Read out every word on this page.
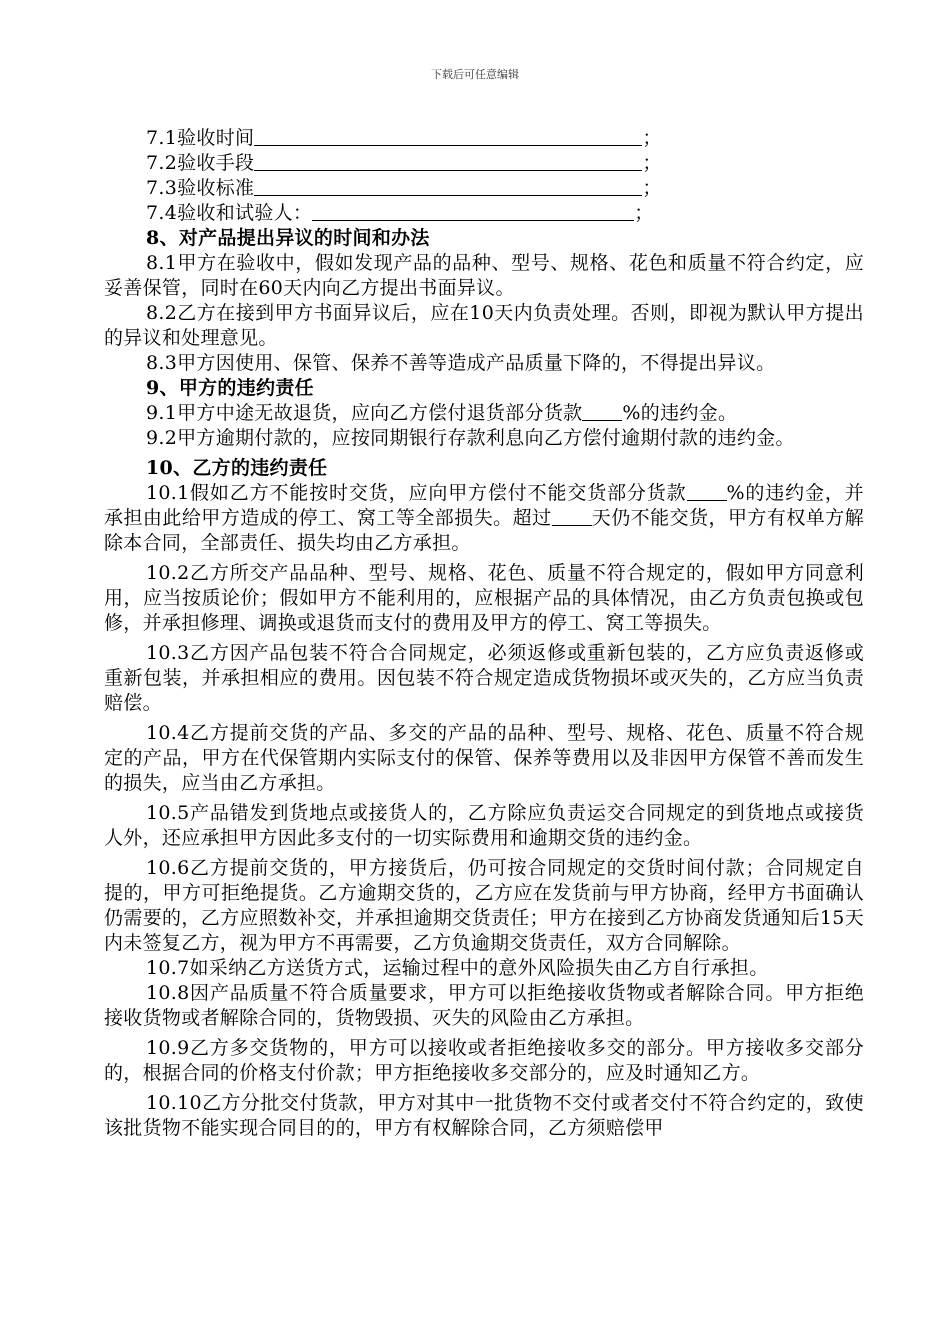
下载后可任意编辑
7.1验收时间	；
7.2验收手段	；
7.3验收标准	；
7.4验收和试验人：	；
8、对产品提出异议的时间和办法

8.1甲方在验收中，假如发现产品的品种、型号、规格、花色和质量不符合约定，应妥善保管，同时在60天内向乙方提出书面异议。

8.2乙方在接到甲方书面异议后，应在10天内负责处理。否则，即视为默认甲方提出的异议和处理意见。

8.3甲方因使用、保管、保养不善等造成产品质量下降的，不得提出异议。

9、甲方的违约责任

9.1甲方中途无故退货，应向乙方偿付退货部分货款 %的违约金。

9.2甲方逾期付款的，应按同期银行存款利息向乙方偿付逾期付款的违约金。

10、乙方的违约责任

10.1假如乙方不能按时交货，应向甲方偿付不能交货部分货款 %的违约金，并承担由此给甲方造成的停工、窝工等全部损失。超过 天仍不能交货，甲方有权单方解除本合同，全部责任、损失均由乙方承担。

10.2乙方所交产品品种、型号、规格、花色、质量不符合规定的，假如甲方同意利用，应当按质论价；假如甲方不能利用的，应根据产品的具体情况，由乙方负责包换或包修，并承担修理、调换或退货而支付的费用及甲方的停工、窝工等损失。

10.3乙方因产品包装不符合合同规定，必须返修或重新包装的，乙方应负责返修或重新包装，并承担相应的费用。因包装不符合规定造成货物损坏或灭失的，乙方应当负责赔偿。

10.4乙方提前交货的产品、多交的产品的品种、型号、规格、花色、质量不符合规定的产品，甲方在代保管期内实际支付的保管、保养等费用以及非因甲方保管不善而发生的损失，应当由乙方承担。

10.5产品错发到货地点或接货人的，乙方除应负责运交合同规定的到货地点或接货人外，还应承担甲方因此多支付的一切实际费用和逾期交货的违约金。

10.6乙方提前交货的，甲方接货后，仍可按合同规定的交货时间付款；合同规定自提的，甲方可拒绝提货。乙方逾期交货的，乙方应在发货前与甲方协商，经甲方书面确认仍需要的，乙方应照数补交，并承担逾期交货责任；甲方在接到乙方协商发货通知后15天内未签复乙方，视为甲方不再需要，乙方负逾期交货责任，双方合同解除。

10.7如采纳乙方送货方式，运输过程中的意外风险损失由乙方自行承担。

10.8因产品质量不符合质量要求，甲方可以拒绝接收货物或者解除合同。甲方拒绝接收货物或者解除合同的，货物毁损、灭失的风险由乙方承担。

10.9乙方多交货物的，甲方可以接收或者拒绝接收多交的部分。甲方接收多交部分的，根据合同的价格支付价款；甲方拒绝接收多交部分的，应及时通知乙方。

10.10乙方分批交付货款，甲方对其中一批货物不交付或者交付不符合约定的，致使该批货物不能实现合同目的的，甲方有权解除合同，乙方须赔偿甲
